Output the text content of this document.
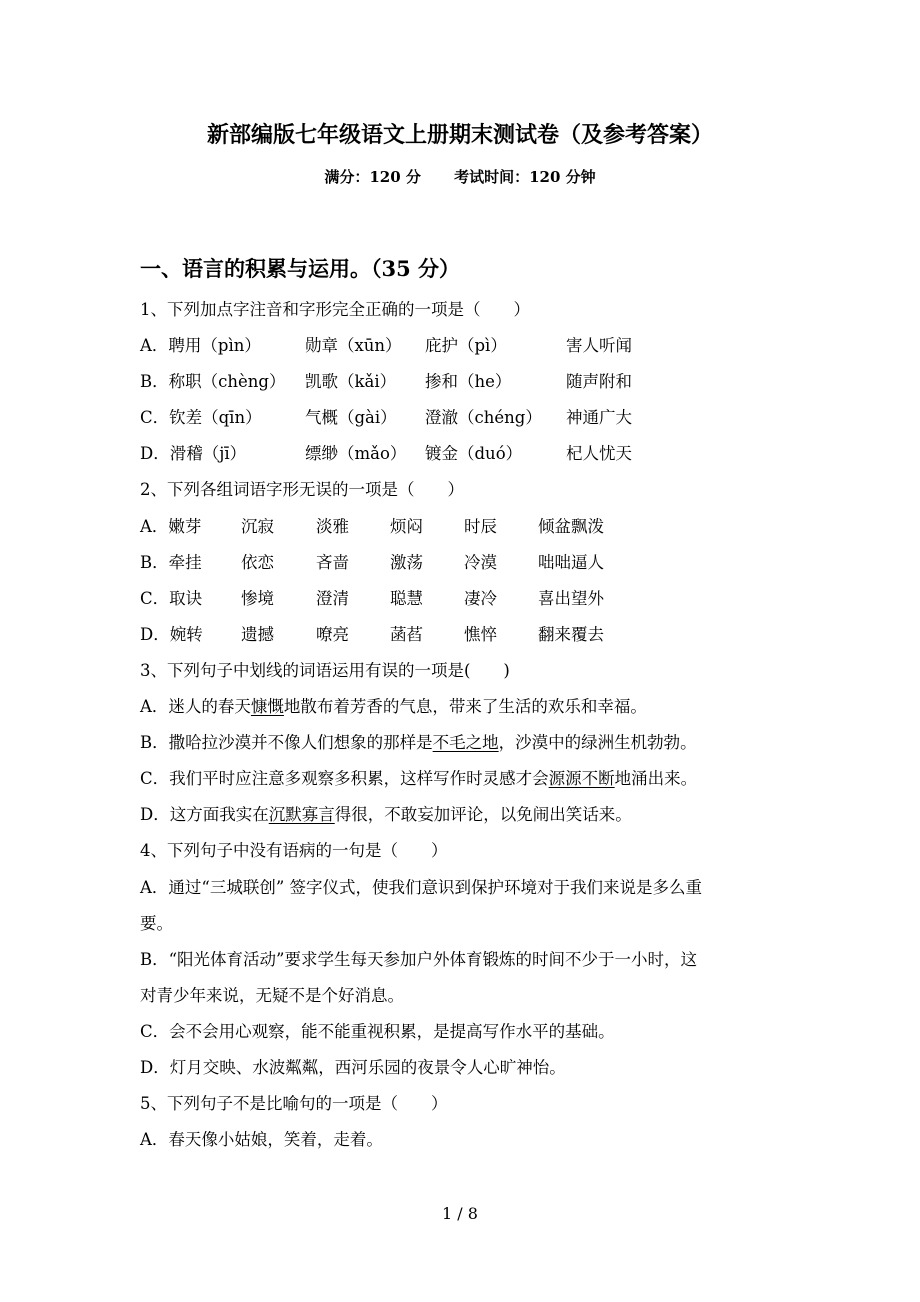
新部编版七年级语文上册期末测试卷（及参考答案）
满分：120 分 考试时间：120 分钟
一、语言的积累与运用。（35 分）
1、下列加点字注音和字形完全正确的一项是（　　）
A．聘用（pìn）	勋章（xūn） 庇护（pì）	害人听闻
B．称职（chèng） 凯歌（kǎi） 掺和（he）	随声附和
C．钦差（qīn）	气概（gài） 澄澈（chéng） 神通广大
D．滑稽（jī）	缥缈（mǎo） 镀金（duó）	杞人忧天
2、下列各组词语字形无误的一项是（　　）
A．嫩芽 沉寂	淡雅 烦闷 时辰 倾盆飘泼
B．牵挂 依恋	吝啬 激荡 冷漠 咄咄逼人
C．取诀 惨境	澄清 聪慧 凄冷 喜出望外
D．婉转 遗撼	嘹亮 菡萏 憔悴 翻来覆去
3、下列句子中划线的词语运用有误的一项是(　　)
A．迷人的春天慷慨地散布着芳香的气息，带来了生活的欢乐和幸福。
B．撒哈拉沙漠并不像人们想象的那样是不毛之地，沙漠中的绿洲生机勃勃。
C．我们平时应注意多观察多积累，这样写作时灵感才会源源不断地涌出来。
D．这方面我实在沉默寡言得很，不敢妄加评论，以免闹出笑话来。
4、下列句子中没有语病的一句是（　　）
A．通过“三城联创” 签字仪式，使我们意识到保护环境对于我们来说是多么重
要。
B．“阳光体育活动”要求学生每天参加户外体育锻炼的时间不少于一小时，这
对青少年来说，无疑不是个好消息。
C．会不会用心观察，能不能重视积累，是提高写作水平的基础。
D．灯月交映、水波粼粼，西河乐园的夜景令人心旷神怡。
5、下列句子不是比喻句的一项是（　　）
A．春天像小姑娘，笑着，走着。
1 / 8
